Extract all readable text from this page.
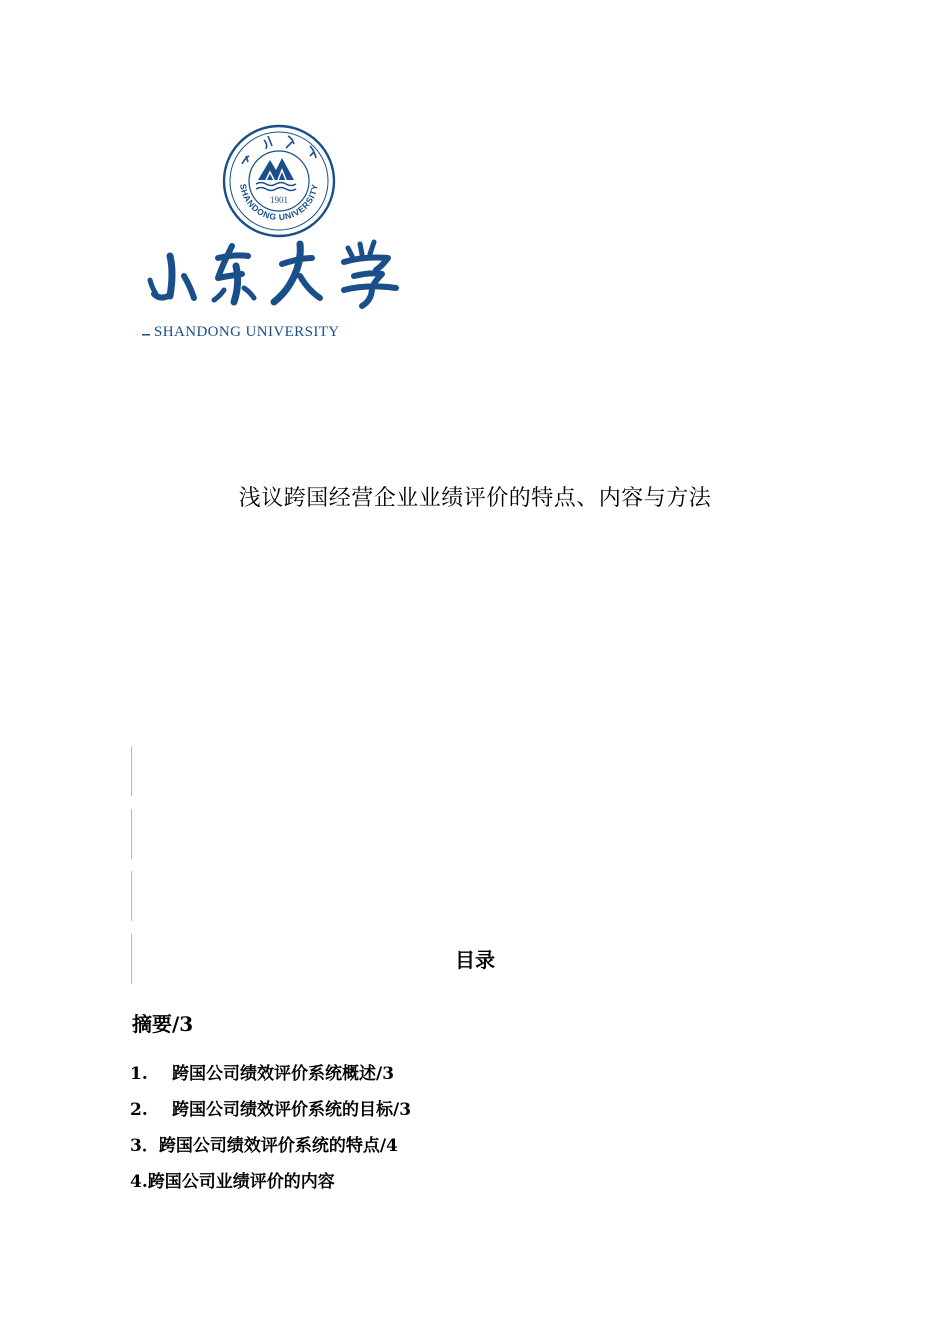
1901
SHANDONG UNIVERSITY
SHANDONG UNIVERSITY
浅议跨国经营企业业绩评价的特点、内容与方法
目录
摘要/3
1. 跨国公司绩效评价系统概述/3
2. 跨国公司绩效评价系统的目标/3
3．跨国公司绩效评价系统的特点/4
4.跨国公司业绩评价的内容
